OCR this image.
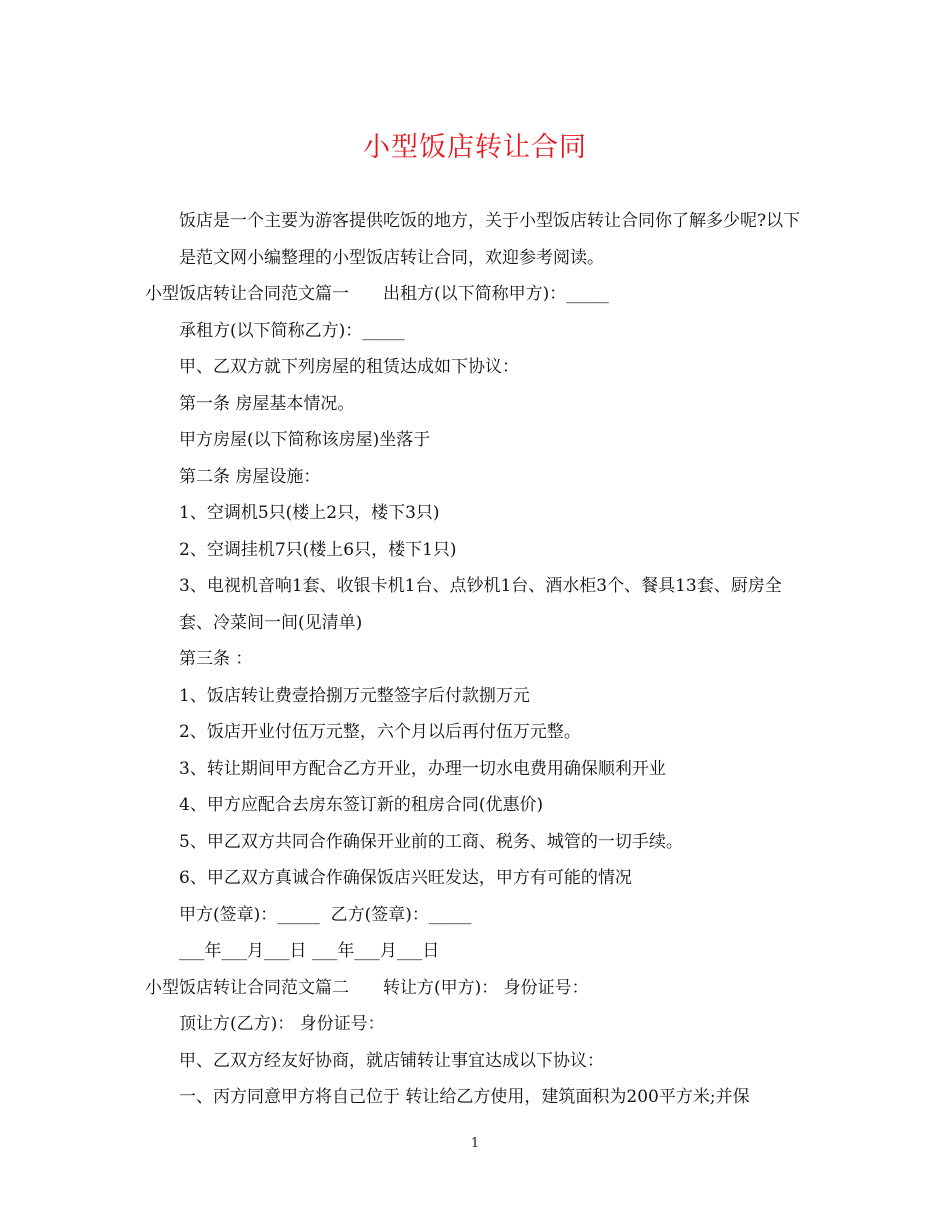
小型饭店转让合同
饭店是一个主要为游客提供吃饭的地方，关于小型饭店转让合同你了解多少呢?以下是范文网小编整理的小型饭店转让合同，欢迎参考阅读。
小型饭店转让合同范文篇一 出租方(以下简称甲方)：_____
承租方(以下简称乙方)：_____
甲、乙双方就下列房屋的租赁达成如下协议：
第一条 房屋基本情况。
甲方房屋(以下简称该房屋)坐落于
第二条 房屋设施：
1、空调机5只(楼上2只，楼下3只)
2、空调挂机7只(楼上6只，楼下1只)
3、电视机音响1套、收银卡机1台、点钞机1台、酒水柜3个、餐具13套、厨房全套、冷菜间一间(见清单)
第三条 ：
1、饭店转让费壹拾捌万元整签字后付款捌万元
2、饭店开业付伍万元整，六个月以后再付伍万元整。
3、转让期间甲方配合乙方开业，办理一切水电费用确保顺利开业
4、甲方应配合去房东签订新的租房合同(优惠价)
5、甲乙双方共同合作确保开业前的工商、税务、城管的一切手续。
6、甲乙双方真诚合作确保饭店兴旺发达，甲方有可能的情况
甲方(签章)：_____  乙方(签章)：_____
___年___月___日 ___年___月___日
小型饭店转让合同范文篇二 转让方(甲方)： 身份证号：
顶让方(乙方)： 身份证号：
甲、乙双方经友好协商，就店铺转让事宜达成以下协议：
一、丙方同意甲方将自己位于 转让给乙方使用，建筑面积为200平方米;并保
1
